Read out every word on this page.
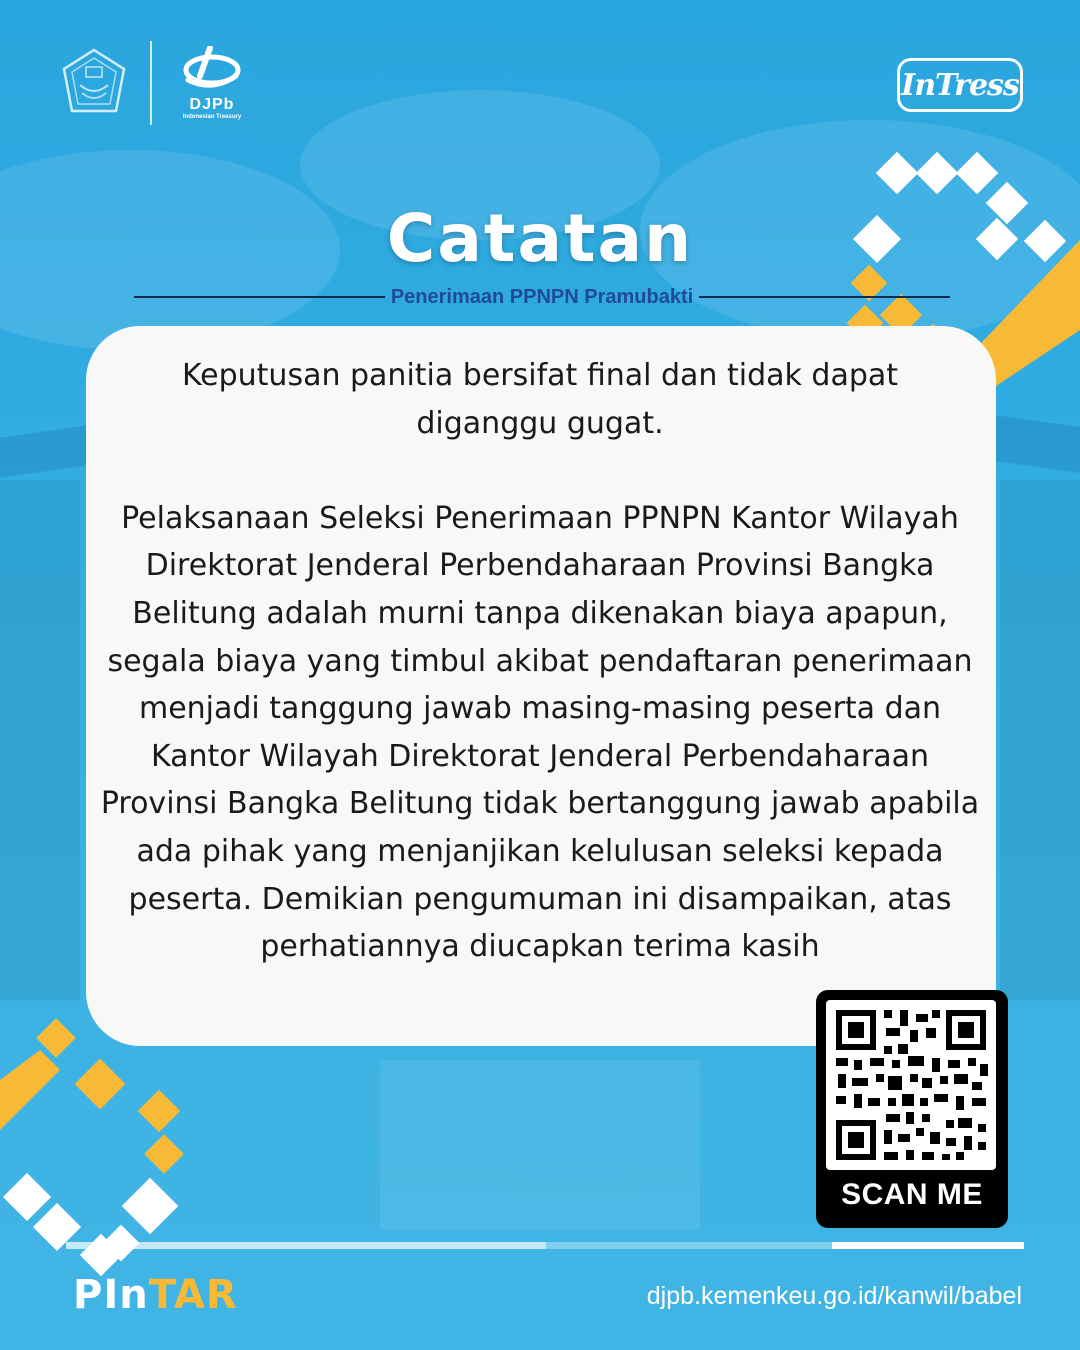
DJPb
Indonesian Treasury
InTress
Catatan
Penerimaan PPNPN Pramubakti

Keputusan panitia bersifat final dan tidak dapat diganggu gugat.

Pelaksanaan Seleksi Penerimaan PPNPN Kantor Wilayah Direktorat Jenderal Perbendaharaan Provinsi Bangka Belitung adalah murni tanpa dikenakan biaya apapun, segala biaya yang timbul akibat pendaftaran penerimaan menjadi tanggung jawab masing-masing peserta dan Kantor Wilayah Direktorat Jenderal Perbendaharaan Provinsi Bangka Belitung tidak bertanggung jawab apabila ada pihak yang menjanjikan kelulusan seleksi kepada peserta. Demikian pengumuman ini disampaikan, atas perhatiannya diucapkan terima kasih

SCAN ME
PInTAR	djpb.kemenkeu.go.id/kanwil/babel
